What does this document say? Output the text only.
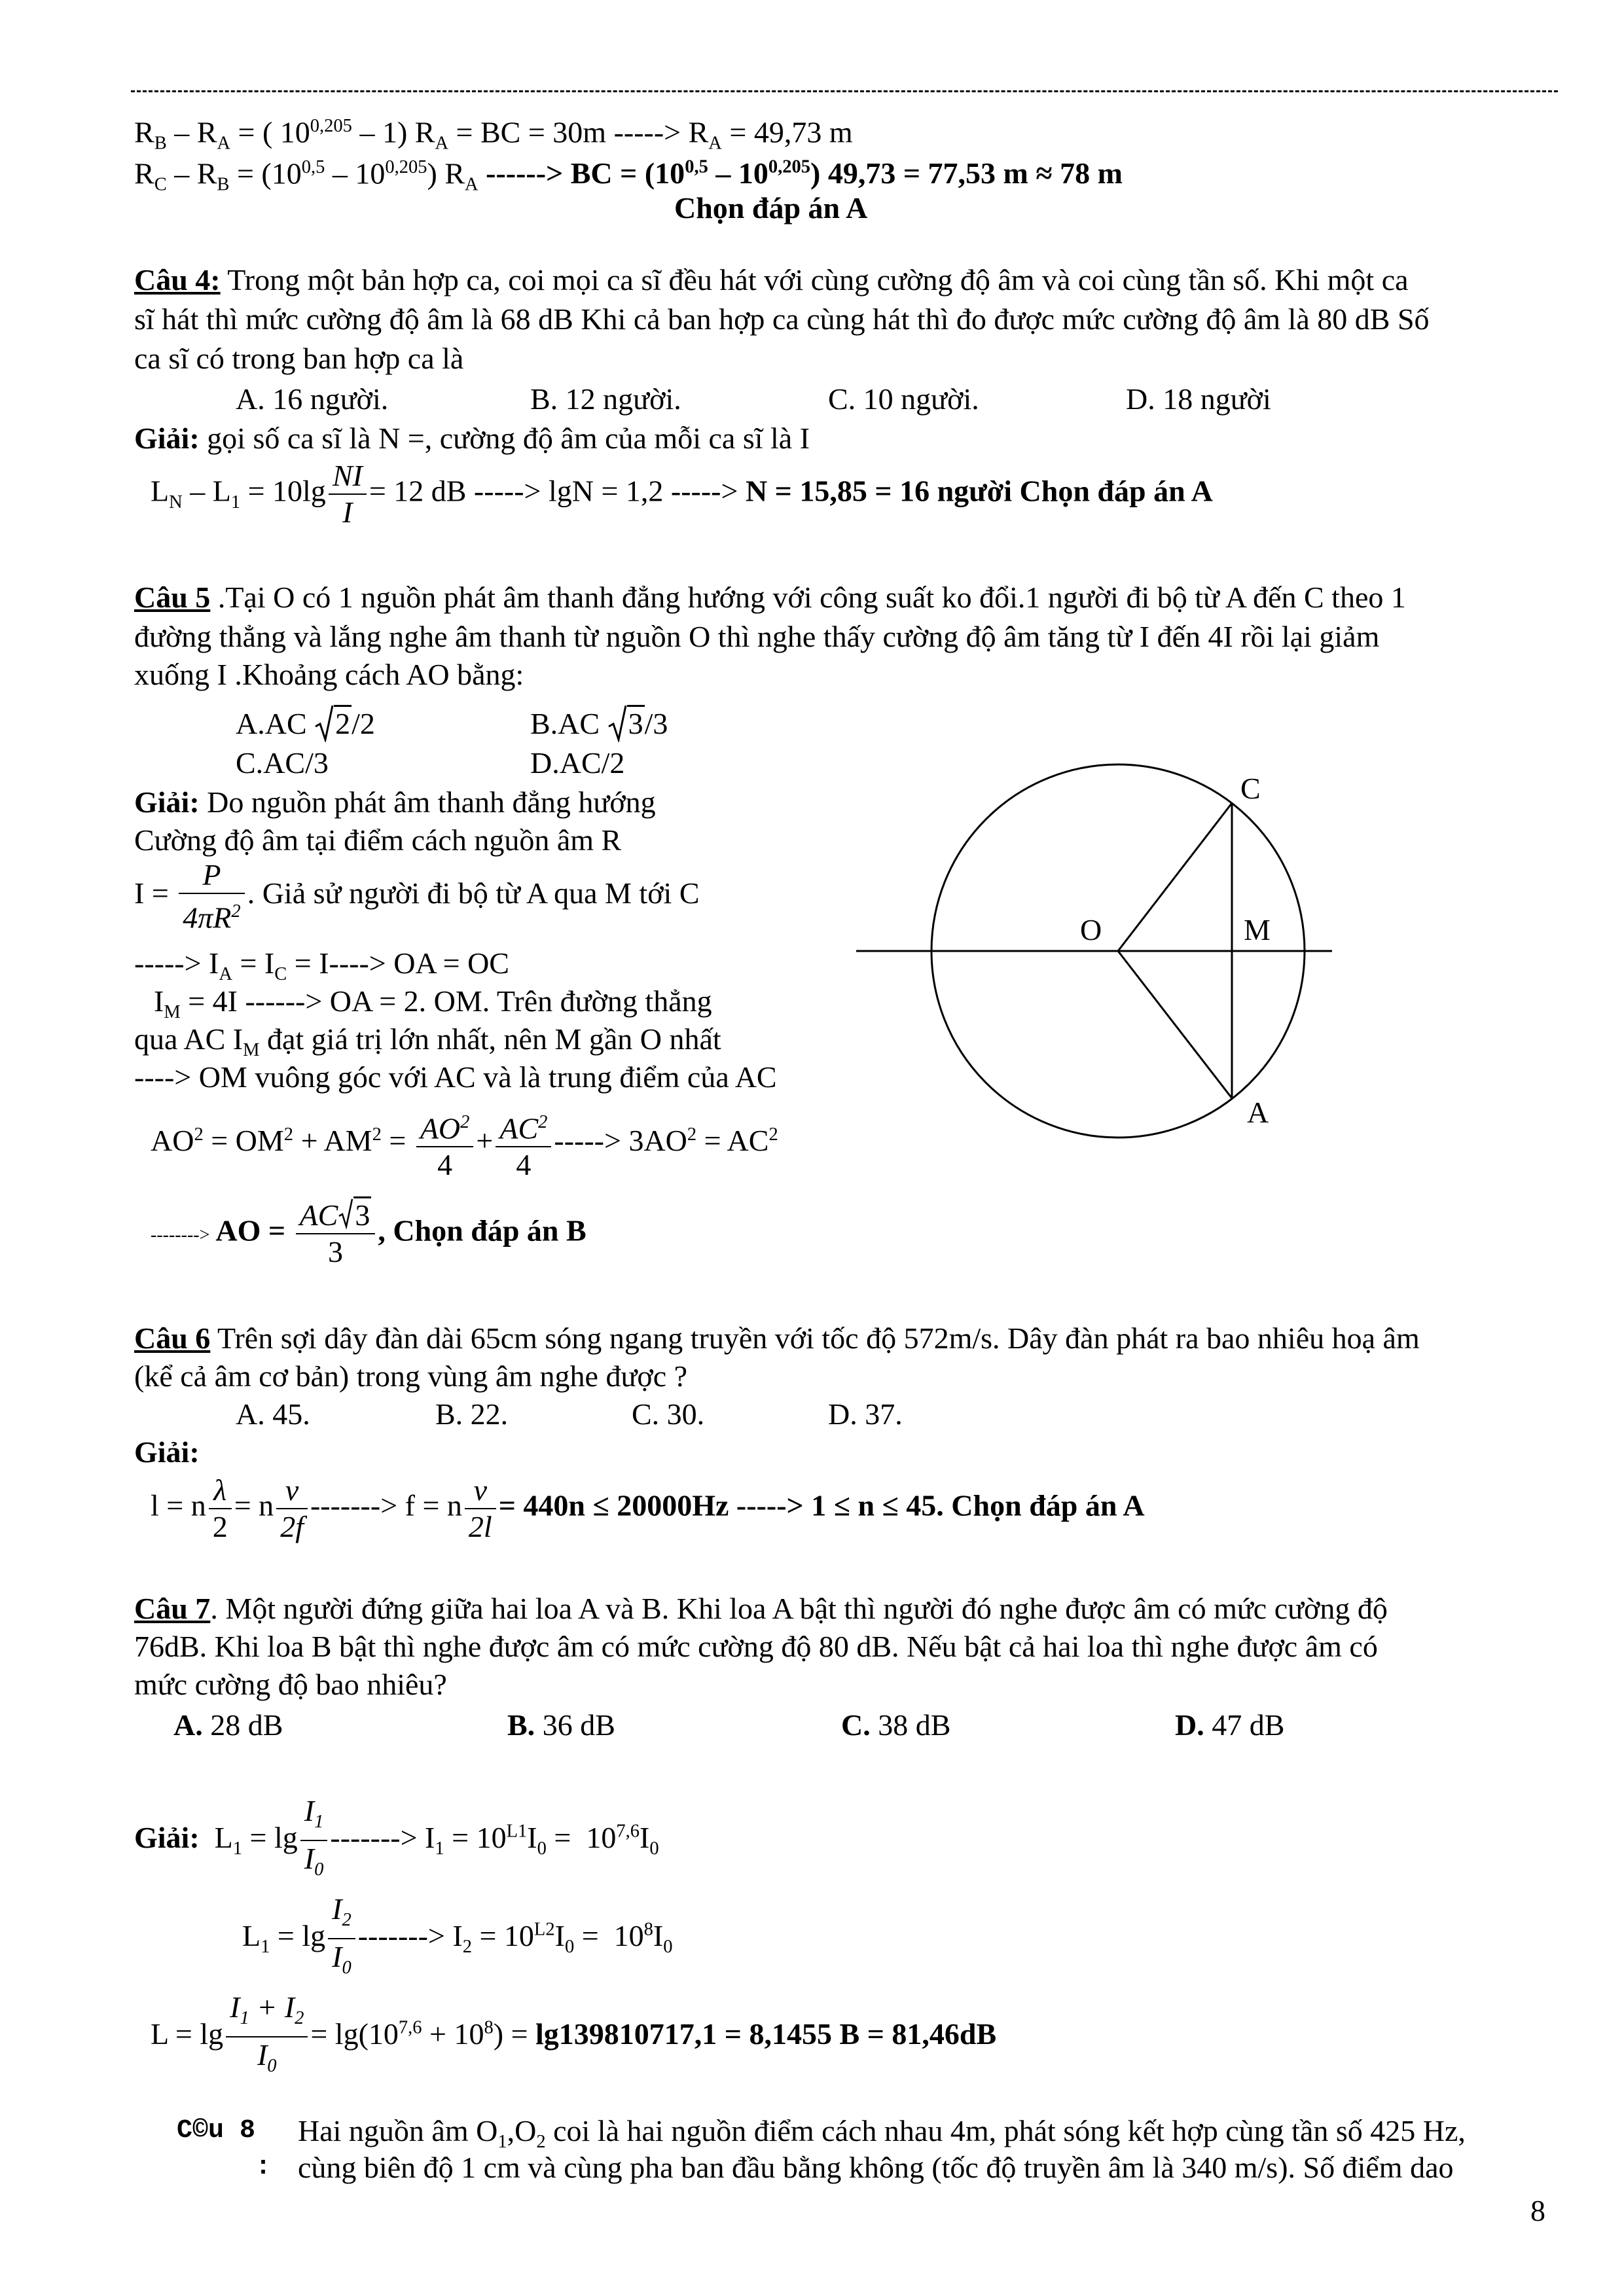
$R_B - R_A$ = ( 10$^{0,205}$ – 1) $R_A$ = BC = 30m -----> $R_A = 49,73$ m
$R_C - R_B = (10^{0,5} - 10^{0,205})$ $R_A$ ------> BC = $(10^{0,5} - 10^{0,205}) 49,73 = 77,53$ m ≈ 78 m
Chọn đáp án A
Câu 4: Trong một bản hợp ca, coi mọi ca sĩ đều hát với cùng cường độ âm và coi cùng tần số. Khi một ca
sĩ hát thì mức cường độ âm là 68 dB Khi cả ban hợp ca cùng hát thì đo được mức cường độ âm là 80 dB Số
ca sĩ có trong ban hợp ca là
A. 16 người.	B. 12 người.	C. 10 người.	D. 18 người
Giải: gọi số ca sĩ là N =, cường độ âm của mỗi ca sĩ là I
$L_N - L_1 = 10\lg \frac{NI}{I} = 12$ dB -----> lgN = 1,2 -----> N = 15,85 = 16 người Chọn đáp án A
Câu 5 .Tại O có 1 nguồn phát âm thanh đẳng hướng với công suất ko đổi.1 người đi bộ từ A đến C theo 1
đường thẳng và lắng nghe âm thanh từ nguồn O thì nghe thấy cường độ âm tăng từ I đến 4I rồi lại giảm
xuống I .Khoảng cách AO bằng:
A.AC 2/2	B.AC 3/3
C.AC/3	D.AC/2
Giải: Do nguồn phát âm thanh đẳng hướng
Cường độ âm tại điểm cách nguồn âm R
$I = \frac{P}{4\pi R^2}$ . Giả sử người đi bộ từ A qua M tới C
-----> $I_A = I_C = I---->$ OA = OC
$I_M = 4I$ ------> OA = 2. OM. Trên đường thẳng
qua AC $I_M$ đạt giá trị lớn nhất, nên M gần O nhất
----> OM vuông góc với AC và là trung điểm của AC
$AO^2 = OM^2 + AM^2 = \frac{AO^2}{4} + \frac{AC^2}{4}$ -----> $3AO^2 = AC^2$
--------> AO = $\frac{AC 3}{3}$ , Chọn đáp án B
C
O	M
A
Câu 6 Trên sợi dây đàn dài 65cm sóng ngang truyền với tốc độ 572m/s. Dây đàn phát ra bao nhiêu hoạ âm
(kể cả âm cơ bản) trong vùng âm nghe được ?
A. 45.	B. 22.	C. 30.	D. 37.
Giải:
l = n $\frac{\lambda}{2} = n \frac{v}{2f}$ -------> f = n $\frac{v}{2l} = 440n \le 20000Hz$ -----> 1 ≤ n ≤ 45. Chọn đáp án A
Câu 7. Một người đứng giữa hai loa A và B. Khi loa A bật thì người đó nghe được âm có mức cường độ
76dB. Khi loa B bật thì nghe được âm có mức cường độ 80 dB. Nếu bật cả hai loa thì nghe được âm có
mức cường độ bao nhiêu?
A. 28 dB	B. 36 dB	C. 38 dB	D. 47 dB
Giải:  $L_1 = \lg \frac{I_1}{I_0}$ -------> $I_1 = 10^{L1}I_0 = 10^{7,6}I_0$
$L_1 = \lg \frac{I_2}{I_0}$ -------> $I_2 = 10^{L2}I_0 = 10^8I_0$
$L = \lg \frac{I_1 + I_2}{I_0} = \lg(10^{7,6} + 10^8) = \lg 139810717,1 = 8,1455$ B = 81,46dB
C©u 8
:
Hai nguồn âm $O_1,O_2$ coi là hai nguồn điểm cách nhau 4m, phát sóng kết hợp cùng tần số 425 Hz,
cùng biên độ 1 cm và cùng pha ban đầu bằng không (tốc độ truyền âm là 340 m/s). Số điểm dao
8
